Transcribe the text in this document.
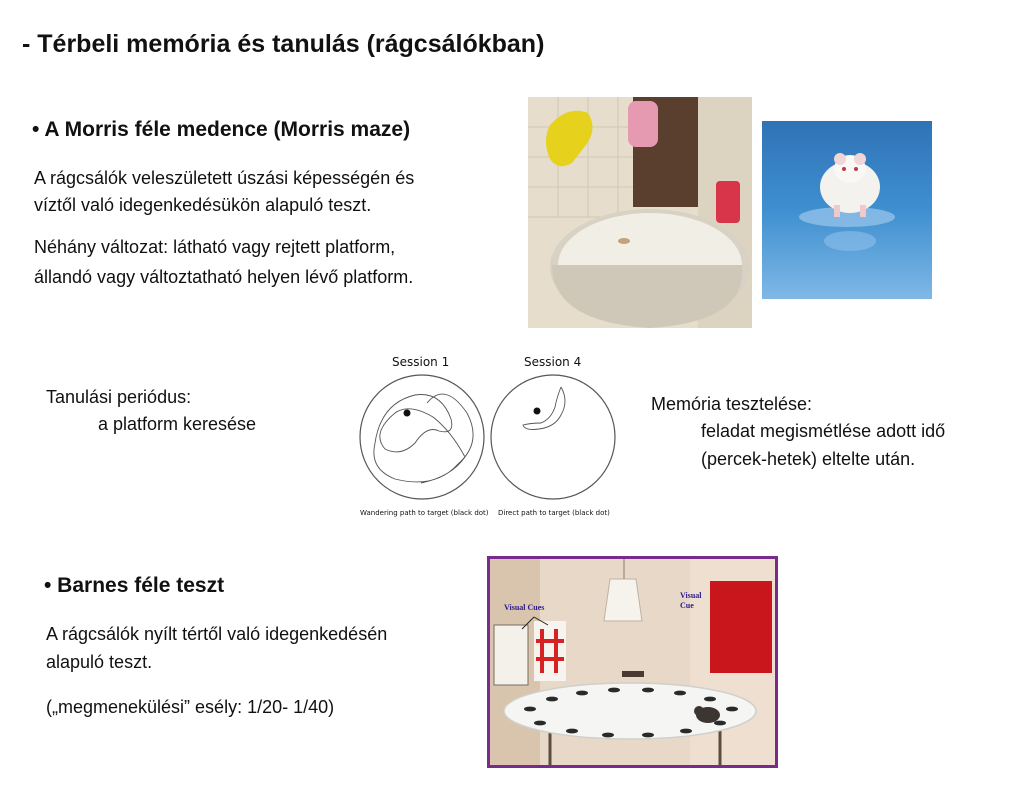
- Térbeli memória és tanulás (rágcsálókban)
• A Morris féle medence (Morris maze)
A rágcsálók veleszületett úszási képességén és
víztől való idegenkedésükön alapuló teszt.
Néhány változat: látható vagy rejtett platform,
állandó vagy változtatható helyen lévő platform.
Tanulási periódus:
a platform keresése
Session 1	Session 4
Wandering path to target (black dot) Direct path to target (black dot)
Memória tesztelése:
feladat megismétlése adott idő
(percek-hetek) eltelte után.
• Barnes féle teszt
A rágcsálók nyílt tértől való idegenkedésén
alapuló teszt.
(„megmenekülési” esély: 1/20- 1/40)
Visual Cues
Visual Cue
